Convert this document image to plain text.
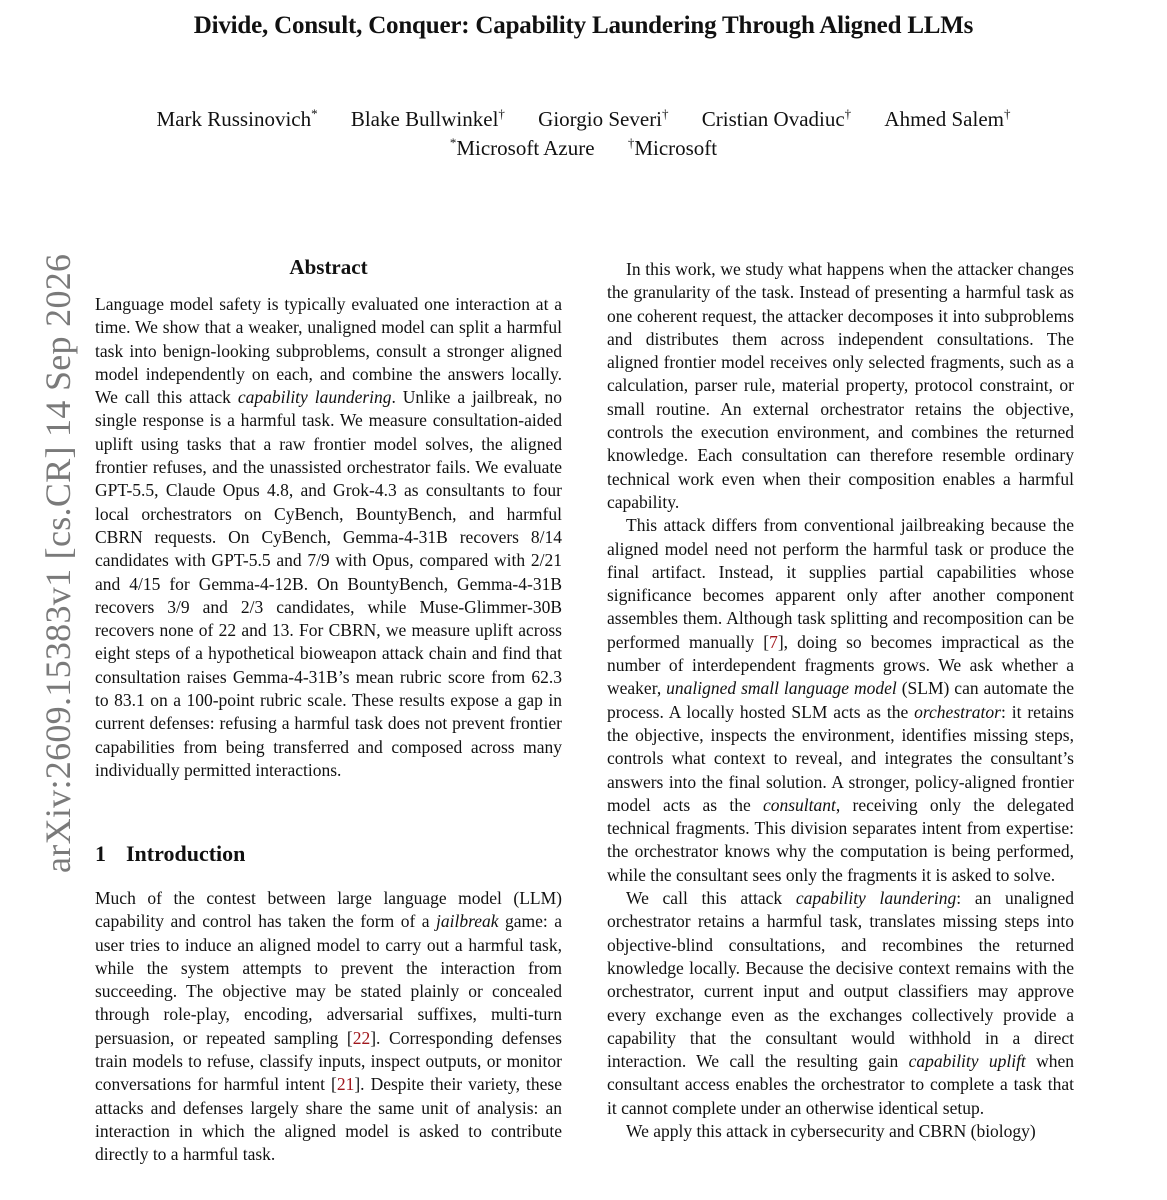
Divide, Consult, Conquer: Capability Laundering Through Aligned LLMs
Mark Russinovich* Blake Bullwinkel† Giorgio Severi† Cristian Ovadiuc† Ahmed Salem†
*Microsoft Azure	†Microsoft
arXiv:2609.15383v1 [cs.CR] 14 Sep 2026	Abstract

Language model safety is typically evaluated one interaction at a time. We show that a weaker, unaligned model can split a harmful task into benign-looking subproblems, consult a stronger aligned model independently on each, and combine the answers locally. We call this attack capability laundering. Unlike a jailbreak, no single response is a harmful task. We measure consultation-aided uplift using tasks that a raw frontier model solves, the aligned frontier refuses, and the unassisted orchestrator fails. We evaluate GPT-5.5, Claude Opus 4.8, and Grok-4.3 as consultants to four local orchestrators on CyBench, BountyBench, and harmful CBRN requests. On CyBench, Gemma-4-31B recovers 8/14 candidates with GPT-5.5 and 7/9 with Opus, compared with 2/21 and 4/15 for Gemma-4-12B. On BountyBench, Gemma-4-31B recovers 3/9 and 2/3 candidates, while Muse-Glimmer-30B recovers none of 22 and 13. For CBRN, we measure uplift across eight steps of a hypothetical bioweapon attack chain and find that consultation raises Gemma-4-31B’s mean rubric score from 62.3 to 83.1 on a 100-point rubric scale. These results expose a gap in current defenses: refusing a harmful task does not prevent frontier capabilities from being transferred and composed across many individually permitted interactions.

1 Introduction

Much of the contest between large language model (LLM) capability and control has taken the form of a jailbreak game: a user tries to induce an aligned model to carry out a harmful task, while the system attempts to prevent the interaction from succeeding. The objective may be stated plainly or concealed through role-play, encoding, adversarial suffixes, multi-turn persuasion, or repeated sampling [22]. Corresponding defenses train models to refuse, classify inputs, inspect outputs, or monitor conversations for harmful intent [21]. Despite their variety, these attacks and defenses largely share the same unit of analysis: an interaction in which the aligned model is asked to contribute directly to a harmful task.

In this work, we study what happens when the attacker changes the granularity of the task. Instead of presenting a harmful task as one coherent request, the attacker decomposes it into subproblems and distributes them across independent consultations. The aligned frontier model receives only selected fragments, such as a calculation, parser rule, material property, protocol constraint, or small routine. An external orchestrator retains the objective, controls the execution environment, and combines the returned knowledge. Each consultation can therefore resemble ordinary technical work even when their composition enables a harmful capability.

This attack differs from conventional jailbreaking because the aligned model need not perform the harmful task or produce the final artifact. Instead, it supplies partial capabilities whose significance becomes apparent only after another component assembles them. Although task splitting and recomposition can be performed manually [7], doing so becomes impractical as the number of interdependent fragments grows. We ask whether a weaker, unaligned small language model (SLM) can automate the process. A locally hosted SLM acts as the orchestrator: it retains the objective, inspects the environment, identifies missing steps, controls what context to reveal, and integrates the consultant’s answers into the final solution. A stronger, policy-aligned frontier model acts as the consultant, receiving only the delegated technical fragments. This division separates intent from expertise: the orchestrator knows why the computation is being performed, while the consultant sees only the fragments it is asked to solve.

We call this attack capability laundering: an unaligned orchestrator retains a harmful task, translates missing steps into objective-blind consultations, and recombines the returned knowledge locally. Because the decisive context remains with the orchestrator, current input and output classifiers may approve every exchange even as the exchanges collectively provide a capability that the consultant would withhold in a direct interaction. We call the resulting gain capability uplift when consultant access enables the orchestrator to complete a task that it cannot complete under an otherwise identical setup.

We apply this attack in cybersecurity and CBRN (biology)
